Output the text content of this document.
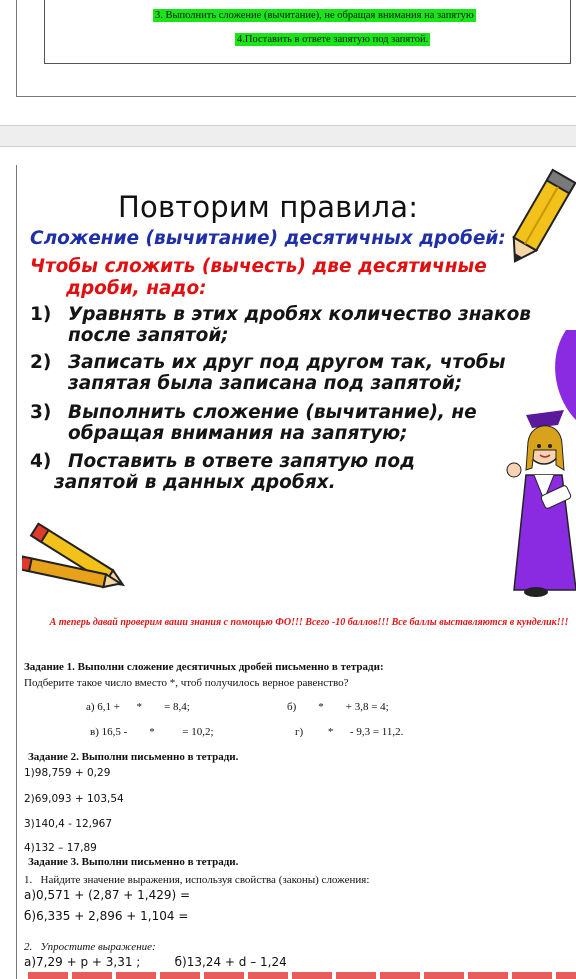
3. Выполнить сложение (вычитание), не обращая внимания на запятую
4.Поставить в ответе запятую под запятой.
Повторим правила:
Сложение (вычитание) десятичных дробей:
Чтобы сложить (вычесть) две десятичные
дроби, надо:
1) Уравнять в этих дробях количество знаков после запятой;
2) Записать их друг под другом так, чтобы запятая была записана под запятой;
3) Выполнить сложение (вычитание), не обращая внимания на запятую;
4) Поставить в ответе запятую под
запятой в данных дробях.
А теперь давай проверим ваши знания с помощью ФО!!! Всего -10 баллов!!! Все баллы выставляются в кунделик!!!
Задание 1. Выполни сложение десятичных дробей письменно в тетради:
Подберите такое число вместо *, чтоб получилось верное равенство?
а) 6,1 +      *        = 8,4;	б)        *        + 3,8 = 4;
в) 16,5 -        *          = 10,2;	г)         *      - 9,3 = 11,2.
Задание 2. Выполни письменно в тетради.
1)98,759 + 0,29
2)69,093 + 103,54
3)140,4 - 12,967
4)132 – 17,89
Задание 3. Выполни письменно в тетради.
1.   Найдите значение выражения, используя свойства (законы) сложения:
а)0,571 + (2,87 + 1,429) =
б)6,335 + 2,896 + 1,104 =
2.   Упростите выражение:
а)7,29 + p + 3,31 ;         б)13,24 + d – 1,24
